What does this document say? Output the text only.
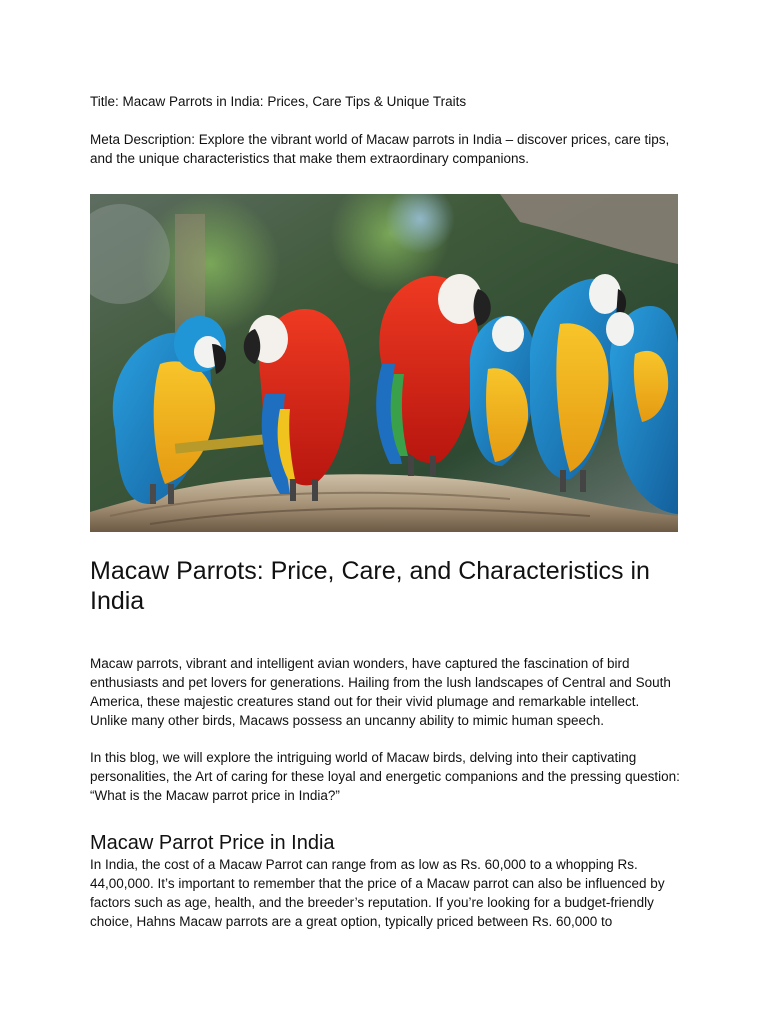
Title: Macaw Parrots in India: Prices, Care Tips & Unique Traits
Meta Description: Explore the vibrant world of Macaw parrots in India – discover prices, care tips, and the unique characteristics that make them extraordinary companions.
Macaw Parrots: Price, Care, and Characteristics in India

Macaw parrots, vibrant and intelligent avian wonders, have captured the fascination of bird enthusiasts and pet lovers for generations. Hailing from the lush landscapes of Central and South America, these majestic creatures stand out for their vivid plumage and remarkable intellect. Unlike many other birds, Macaws possess an uncanny ability to mimic human speech.

In this blog, we will explore the intriguing world of Macaw birds, delving into their captivating personalities, the Art of caring for these loyal and energetic companions and the pressing question: “What is the Macaw parrot price in India?”

Macaw Parrot Price in India

In India, the cost of a Macaw Parrot can range from as low as Rs. 60,000 to a whopping Rs. 44,00,000. It’s important to remember that the price of a Macaw parrot can also be influenced by factors such as age, health, and the breeder’s reputation. If you’re looking for a budget-friendly choice, Hahns Macaw parrots are a great option, typically priced between Rs. 60,000 to
